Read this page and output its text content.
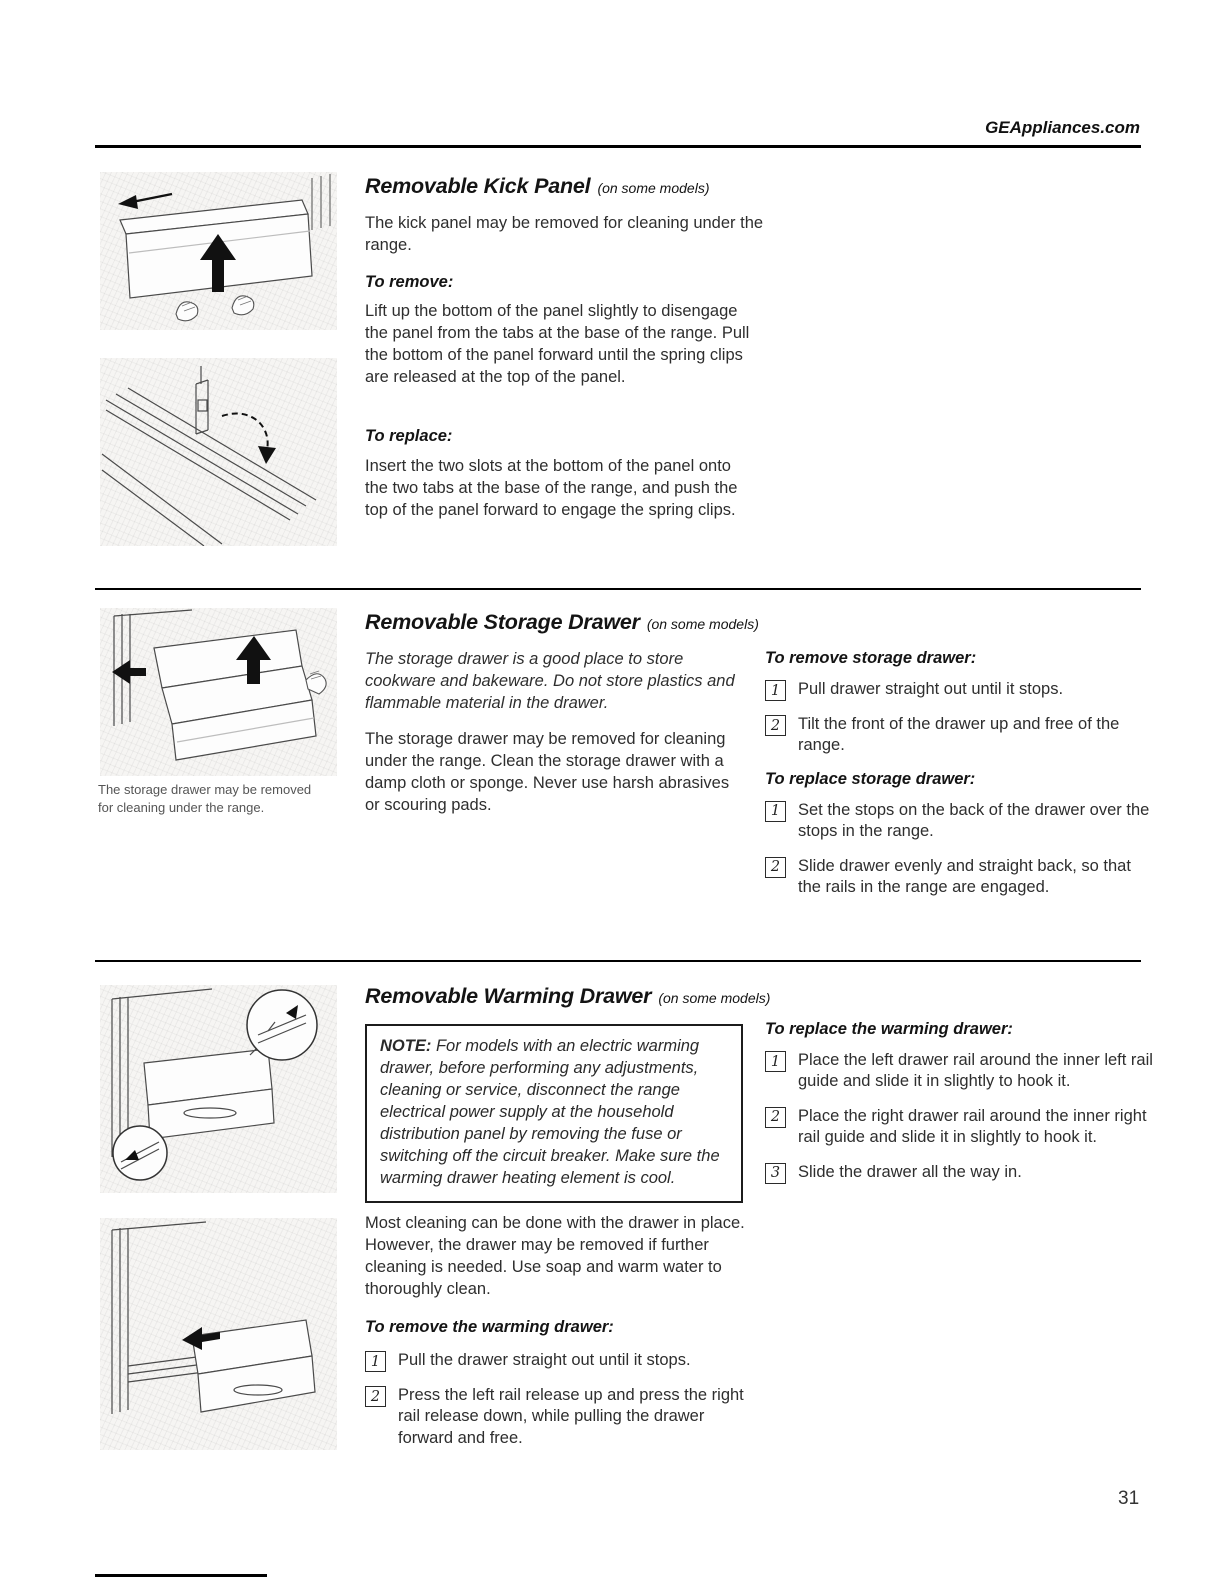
GEAppliances.com
Removable Kick Panel (on some models)
The kick panel may be removed for cleaning under the range.
To remove:
Lift up the bottom of the panel slightly to disengage the panel from the tabs at the base of the range. Pull the bottom of the panel forward until the spring clips are released at the top of the panel.
To replace:
Insert the two slots at the bottom of the panel onto the two tabs at the base of the range, and push the top of the panel forward to engage the spring clips.
The storage drawer may be removed for cleaning under the range.
Removable Storage Drawer (on some models)
The storage drawer is a good place to store cookware and bakeware. Do not store plastics and flammable material in the drawer.
The storage drawer may be removed for cleaning under the range. Clean the storage drawer with a damp cloth or sponge. Never use harsh abrasives or scouring pads.
To remove storage drawer:
1	Pull drawer straight out until it stops.
2	Tilt the front of the drawer up and free of the range.
To replace storage drawer:
1	Set the stops on the back of the drawer over the stops in the range.
2	Slide drawer evenly and straight back, so that the rails in the range are engaged.
Removable Warming Drawer (on some models)
NOTE: For models with an electric warming drawer, before performing any adjustments, cleaning or service, disconnect the range electrical power supply at the household distribution panel by removing the fuse or switching off the circuit breaker. Make sure the warming drawer heating element is cool.
Most cleaning can be done with the drawer in place. However, the drawer may be removed if further cleaning is needed. Use soap and warm water to thoroughly clean.
To remove the warming drawer:
1	Pull the drawer straight out until it stops.
2	Press the left rail release up and press the right rail release down, while pulling the drawer forward and free.
To replace the warming drawer:
1	Place the left drawer rail around the inner left rail guide and slide it in slightly to hook it.
2	Place the right drawer rail around the inner right rail guide and slide it in slightly to hook it.
3	Slide the drawer all the way in.
31
